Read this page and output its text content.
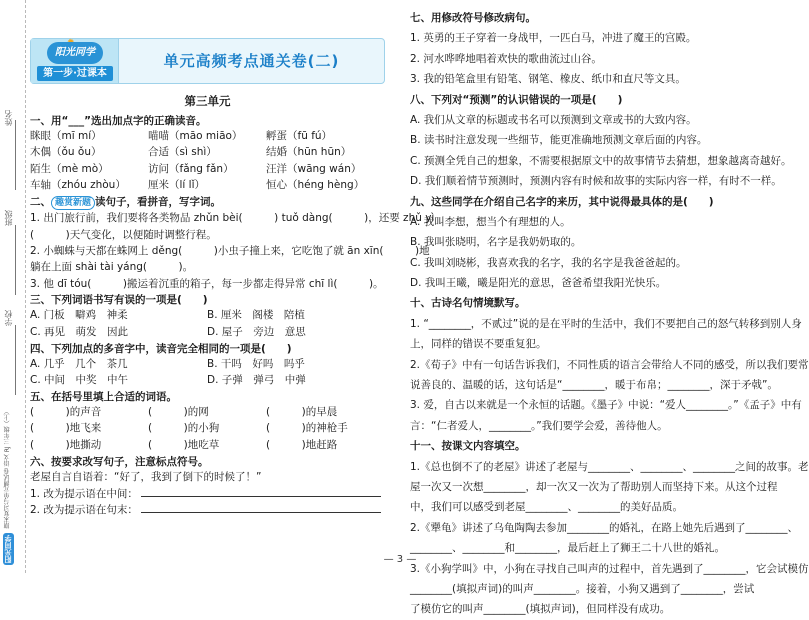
姓名
班级
学校
阳光同学 期末复习与单元测试卷 语文 RJ 三年级（上）
阳光同学
第一步·过课本
单元高频考点通关卷(二)
第三单元
一、用“___”选出加点字的正确读音。
眯眼（mī mí）	喵喵（māo miāo）	孵蛋（fū fú）
木偶（ǒu ǒu）	合适（sì shì）	结婚（hūn hūn）
陌生（mè mò）	访问（fǎng fǎn）	汪洋（wāng wán）
车轴（zhóu zhòu）	厘米（lí lǐ）	恒心（héng hèng）
二、 趣赏新题 读句子，看拼音，写字词。
1. 出门旅行前，我们要将各类物品 zhǔn bèi(　　　) tuǒ dàng(　　　)，还要 zhǔ yì
(　　　)天气变化，以便随时调整行程。
2. 小蜘蛛与天都在蛛网上 děng(　　　)小虫子撞上来，它吃饱了就 ān xīn(　　　)地
躺在上面 shài tài yáng(　　　)。
3. 他 dī tóu(　　　)搬运着沉重的箱子，每一步都走得异常 chī lì(　　　)。
三、下列词语书写有误的一项是(　　)
A. 门板　噼鸡　神柔	B. 厘米　阁楼　陪植
C. 再见　萌发　因此	D. 屋子　旁边　意思
四、下列加点的多音字中，读音完全相同的一项是(　　)
A. 几乎　几个　茶几	B. 干吗　好吗　吗乎
C. 中间　中奖　中午	D. 子弹　弹弓　中弹
五、在括号里填上合适的词语。
(　　　)的声音	(　　　)的网	(　　　)的早晨
(　　　)地飞来	(　　　)的小狗	(　　　)的神枪手
(　　　)地撕动	(　　　)地吃草	(　　　)地赶路
六、按要求改写句子，注意标点符号。
老屋自言自语着：“好了，我到了倒下的时候了！”
1. 改为提示语在中间：
2. 改为提示语在句末：
七、用修改符号修改病句。
1. 英勇的王子穿着一身战甲，一匹白马，冲进了魔王的宫殿。
2. 河水哗哗地唱着欢快的歌曲流过山谷。
3. 我的铅笔盒里有铅笔、钢笔、橡皮、纸巾和直尺等文具。
八、下列对“预测”的认识错误的一项是(　　)
A. 我们从文章的标题或书名可以预测到文章或书的大致内容。
B. 读书时注意发现一些细节，能更准确地预测文章后面的内容。
C. 预测全凭自己的想象，不需要根据原文中的故事情节去猜想，想象越离奇越好。
D. 我们顺着情节预测时，预测内容有时候和故事的实际内容一样，有时不一样。
九、这些同学在介绍自己名字的来历，其中说得最具体的是(　　)
A. 我叫李想，想当个有理想的人。
B. 我叫张晓明，名字是我奶奶取的。
C. 我叫刘晓彬，我喜欢我的名字，我的名字是我爸爸起的。
D. 我叫王曦，曦是阳光的意思，爸爸希望我阳光快乐。
十、古诗名句情境默写。
1. “________，不贰过”说的是在平时的生活中，我们不要把自己的怒气转移到别人身
上，同样的错误不要重复犯。
2.《荀子》中有一句话告诉我们，不同性质的语言会带给人不同的感受，所以我们要常
说善良的、温暖的话，这句话是“________，暖于布帛；________，深于矛戟”。
3. 爱，自古以来就是一个永恒的话题。《墨子》中说：“爱人________。”《孟子》中有
言：“仁者爱人，________。”我们要学会爱，善待他人。
十一、按课文内容填空。
1.《总也倒不了的老屋》讲述了老屋与________、________、________之间的故事。老
屋一次又一次想________，却一次又一次为了帮助别人而坚持下来。从这个过程
中，我们可以感受到老屋________、________的美好品质。
2.《犟龟》讲述了乌龟陶陶去参加________的婚礼，在路上她先后遇到了________、
________、________和________，最后赶上了狮王二十八世的婚礼。
3.《小狗学叫》中，小狗在寻找自己叫声的过程中，首先遇到了________，它会试模仿
________(填拟声词)的叫声________。接着，小狗又遇到了________，尝试
了模仿它的叫声________(填拟声词)，但同样没有成功。
— 3 —
